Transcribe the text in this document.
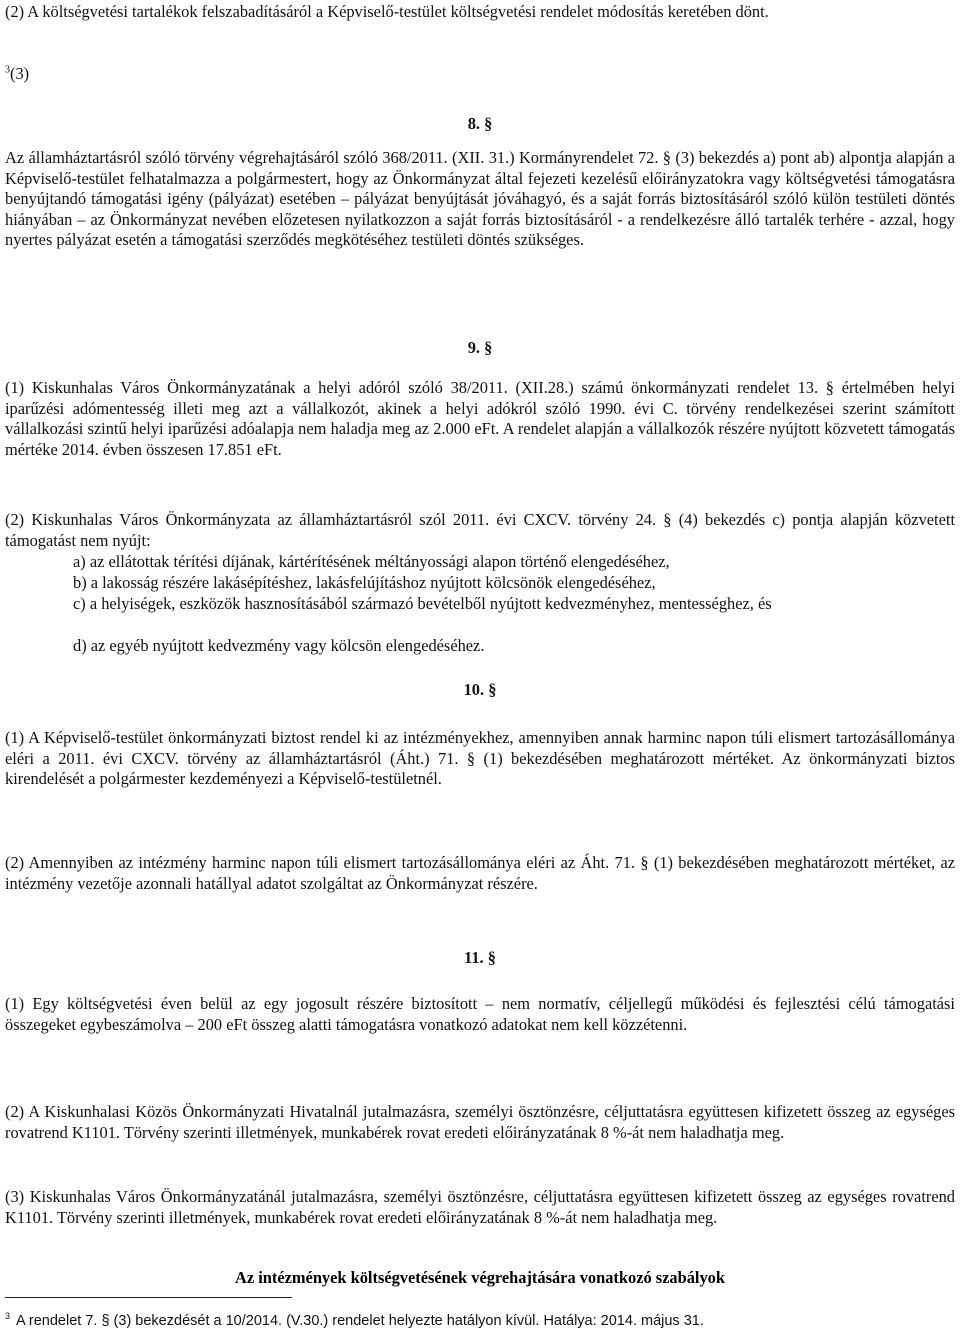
(2) A költségvetési tartalékok felszabadításáról a Képviselő-testület költségvetési rendelet módosítás keretében dönt.

$^3$(3)
8. §

Az államháztartásról szóló törvény végrehajtásáról szóló 368/2011. (XII. 31.) Kormányrendelet 72. § (3) bekezdés a) pont ab) alpontja alapján a Képviselő-testület felhatalmazza a polgármestert, hogy az Önkormányzat által fejezeti kezelésű előirányzatokra vagy költségvetési támogatásra benyújtandó támogatási igény (pályázat) esetében – pályázat benyújtását jóváhagyó, és a saját forrás biztosításáról szóló külön testületi döntés hiányában – az Önkormányzat nevében előzetesen nyilatkozzon a saját forrás biztosításáról - a rendelkezésre álló tartalék terhére - azzal, hogy nyertes pályázat esetén a támogatási szerződés megkötéséhez testületi döntés szükséges.

9. §

(1) Kiskunhalas Város Önkormányzatának a helyi adóról szóló 38/2011. (XII.28.) számú önkormányzati rendelet 13. § értelmében helyi iparűzési adómentesség illeti meg azt a vállalkozót, akinek a helyi adókról szóló 1990. évi C. törvény rendelkezései szerint számított vállalkozási szintű helyi iparűzési adóalapja nem haladja meg az 2.000 eFt. A rendelet alapján a vállalkozók részére nyújtott közvetett támogatás mértéke 2014. évben összesen 17.851 eFt.

(2) Kiskunhalas Város Önkormányzata az államháztartásról szól 2011. évi CXCV. törvény 24. § (4) bekezdés c) pontja alapján közvetett támogatást nem nyújt:

a) az ellátottak térítési díjának, kártérítésének méltányossági alapon történő elengedéséhez,

b) a lakosság részére lakásépítéshez, lakásfelújításhoz nyújtott kölcsönök elengedéséhez,

c) a helyiségek, eszközök hasznosításából származó bevételből nyújtott kedvezményhez, mentességhez, és

d) az egyéb nyújtott kedvezmény vagy kölcsön elengedéséhez.

10. §

(1) A Képviselő-testület önkormányzati biztost rendel ki az intézményekhez, amennyiben annak harminc napon túli elismert tartozásállománya eléri a 2011. évi CXCV. törvény az államháztartásról (Áht.) 71. § (1) bekezdésében meghatározott mértéket. Az önkormányzati biztos kirendelését a polgármester kezdeményezi a Képviselő-testületnél.

(2) Amennyiben az intézmény harminc napon túli elismert tartozásállománya eléri az Áht. 71. § (1) bekezdésében meghatározott mértéket, az intézmény vezetője azonnali hatállyal adatot szolgáltat az Önkormányzat részére.

11. §

(1) Egy költségvetési éven belül az egy jogosult részére biztosított – nem normatív, céljellegű működési és fejlesztési célú támogatási összegeket egybeszámolva – 200 eFt összeg alatti támogatásra vonatkozó adatokat nem kell közzétenni.

(2) A Kiskunhalasi Közös Önkormányzati Hivatalnál jutalmazásra, személyi ösztönzésre, céljuttatásra együttesen kifizetett összeg az egységes rovatrend K1101. Törvény szerinti illetmények, munkabérek rovat eredeti előirányzatának 8 %-át nem haladhatja meg.

(3) Kiskunhalas Város Önkormányzatánál jutalmazásra, személyi ösztönzésre, céljuttatásra együttesen kifizetett összeg az egységes rovatrend K1101. Törvény szerinti illetmények, munkabérek rovat eredeti előirányzatának 8 %-át nem haladhatja meg.

Az intézmények költségvetésének végrehajtására vonatkozó szabályok
$^3$ A rendelet 7. § (3) bekezdését a 10/2014. (V.30.) rendelet helyezte hatályon kívül. Hatálya: 2014. május 31.
